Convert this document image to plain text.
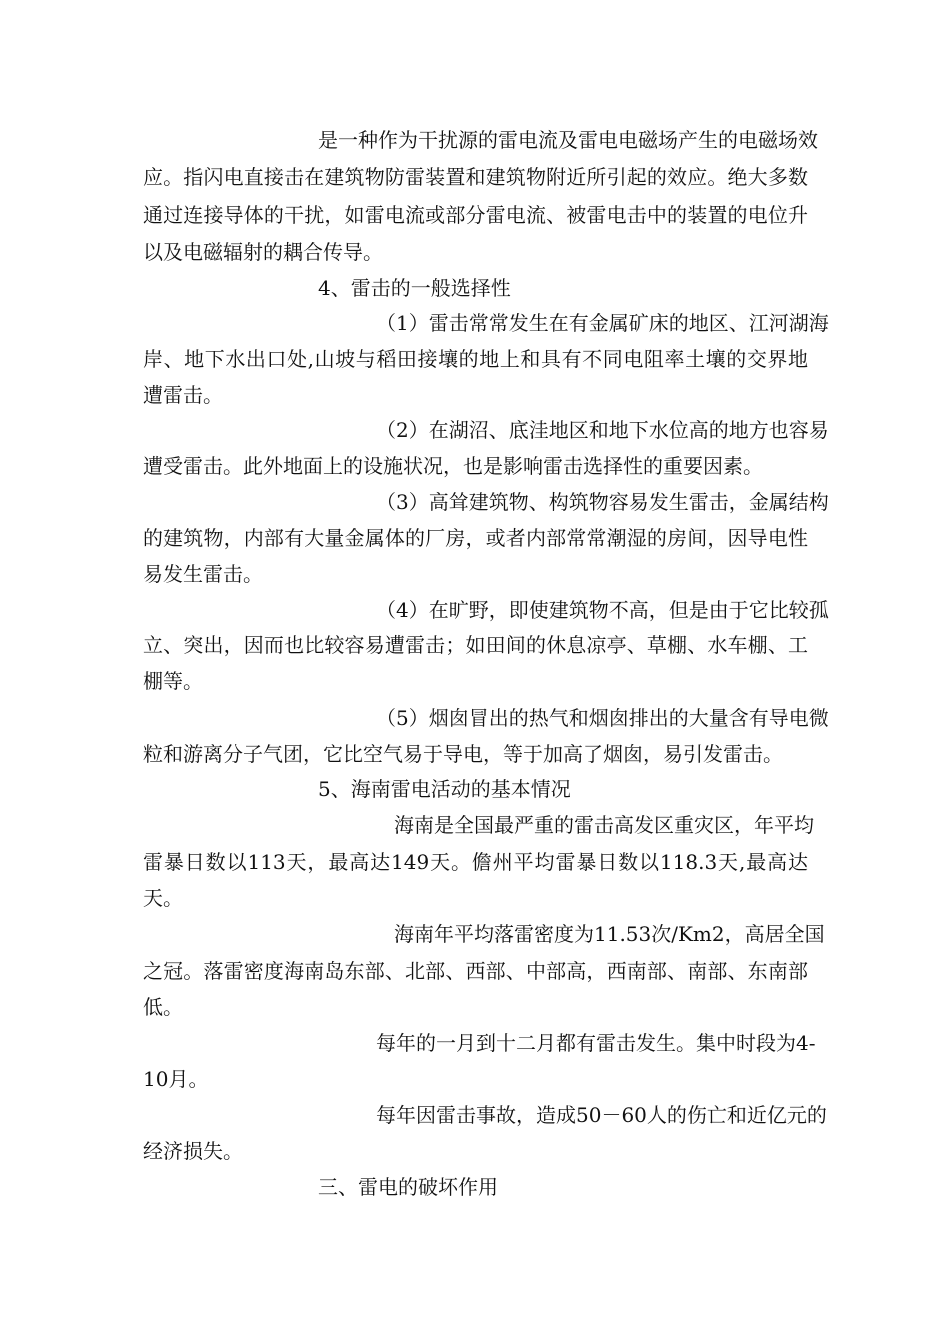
是一种作为干扰源的雷电流及雷电电磁场产生的电磁场效
应。指闪电直接击在建筑物防雷装置和建筑物附近所引起的效应。绝大多数
通过连接导体的干扰，如雷电流或部分雷电流、被雷电击中的装置的电位升
以及电磁辐射的耦合传导。
4、雷击的一般选择性
（1）雷击常常发生在有金属矿床的地区、江河湖海
岸、地下水出口处,山坡与稻田接壤的地上和具有不同电阻率土壤的交界地
遭雷击。
（2）在湖沼、底洼地区和地下水位高的地方也容易
遭受雷击。此外地面上的设施状况，也是影响雷击选择性的重要因素。
（3）高耸建筑物、构筑物容易发生雷击，金属结构
的建筑物，内部有大量金属体的厂房，或者内部常常潮湿的房间，因导电性
易发生雷击。
（4）在旷野，即使建筑物不高，但是由于它比较孤
立、突出，因而也比较容易遭雷击；如田间的休息凉亭、草棚、水车棚、工
棚等。
（5）烟囱冒出的热气和烟囱排出的大量含有导电微
粒和游离分子气团，它比空气易于导电，等于加高了烟囱，易引发雷击。
5、海南雷电活动的基本情况
海南是全国最严重的雷击高发区重灾区，年平均
雷暴日数以113天，最高达149天。儋州平均雷暴日数以118.3天,最高达
天。
海南年平均落雷密度为11.53次/Km2，高居全国
之冠。落雷密度海南岛东部、北部、西部、中部高，西南部、南部、东南部
低。
每年的一月到十二月都有雷击发生。集中时段为4-
10月。
每年因雷击事故，造成50－60人的伤亡和近亿元的
经济损失。
三、雷电的破坏作用
